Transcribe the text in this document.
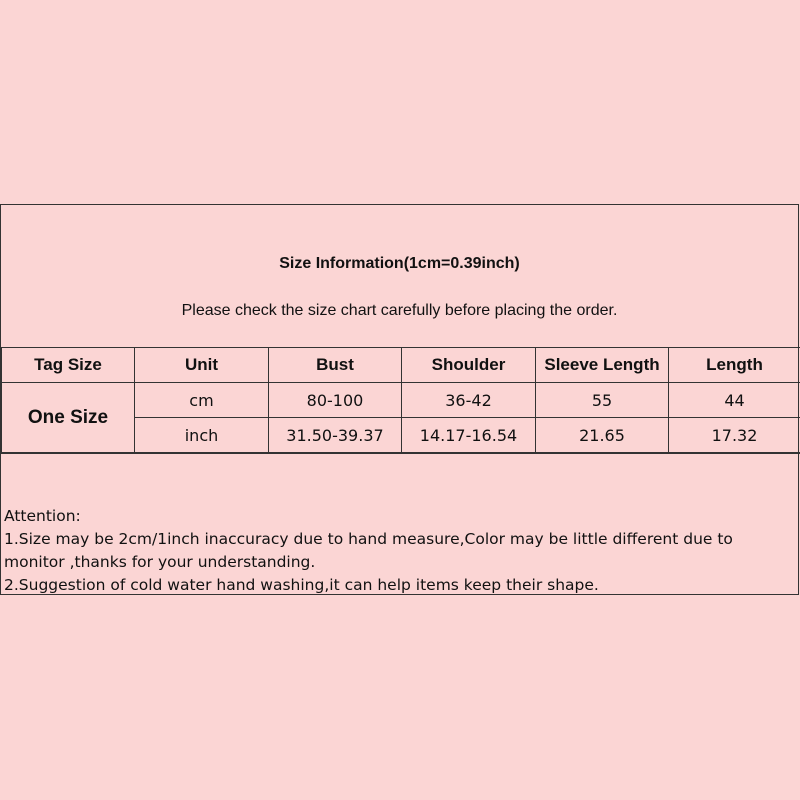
Size Information(1cm=0.39inch)
Please check the size chart carefully before placing the order.
Tag Size	Unit	Bust	Shoulder	Sleeve Length	Length
One Size	cm	80-100	36-42	55	44
	inch	31.50-39.37	14.17-16.54	21.65	17.32
Attention:
1.Size may be 2cm/1inch inaccuracy due to hand measure,Color may be little different due to monitor ,thanks for your understanding.
2.Suggestion of cold water hand washing,it can help items keep their shape.
